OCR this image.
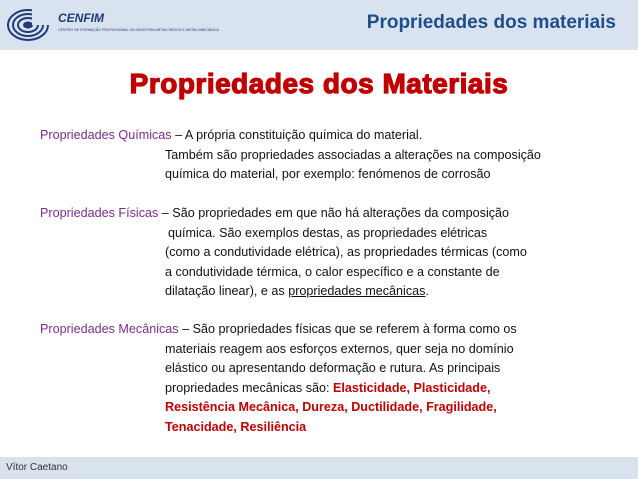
CENFIM
CENTRO DE FORMAÇÃO PROFISSIONAL DA INDÚSTRIA METALÚRGICA E METALOMECÂNICA	Propriedades dos materiais
Propriedades dos Materiais
Propriedades Químicas – A própria constituição química do material.
Também são propriedades associadas a alterações na composição
química do material, por exemplo: fenómenos de corrosão
Propriedades Físicas – São propriedades em que não há alterações da composição
química. São exemplos destas, as propriedades elétricas
(como a condutividade elétrica), as propriedades térmicas (como
a condutividade térmica, o calor específico e a constante de
dilatação linear), e as propriedades mecânicas.
Propriedades Mecânicas – São propriedades físicas que se referem à forma como os
materiais reagem aos esforços externos, quer seja no domínio
elástico ou apresentando deformação e rutura. As principais
propriedades mecânicas são: Elasticidade, Plasticidade,
Resistência Mecânica, Dureza, Ductilidade, Fragilidade,
Tenacidade, Resiliência
Vítor Caetano
